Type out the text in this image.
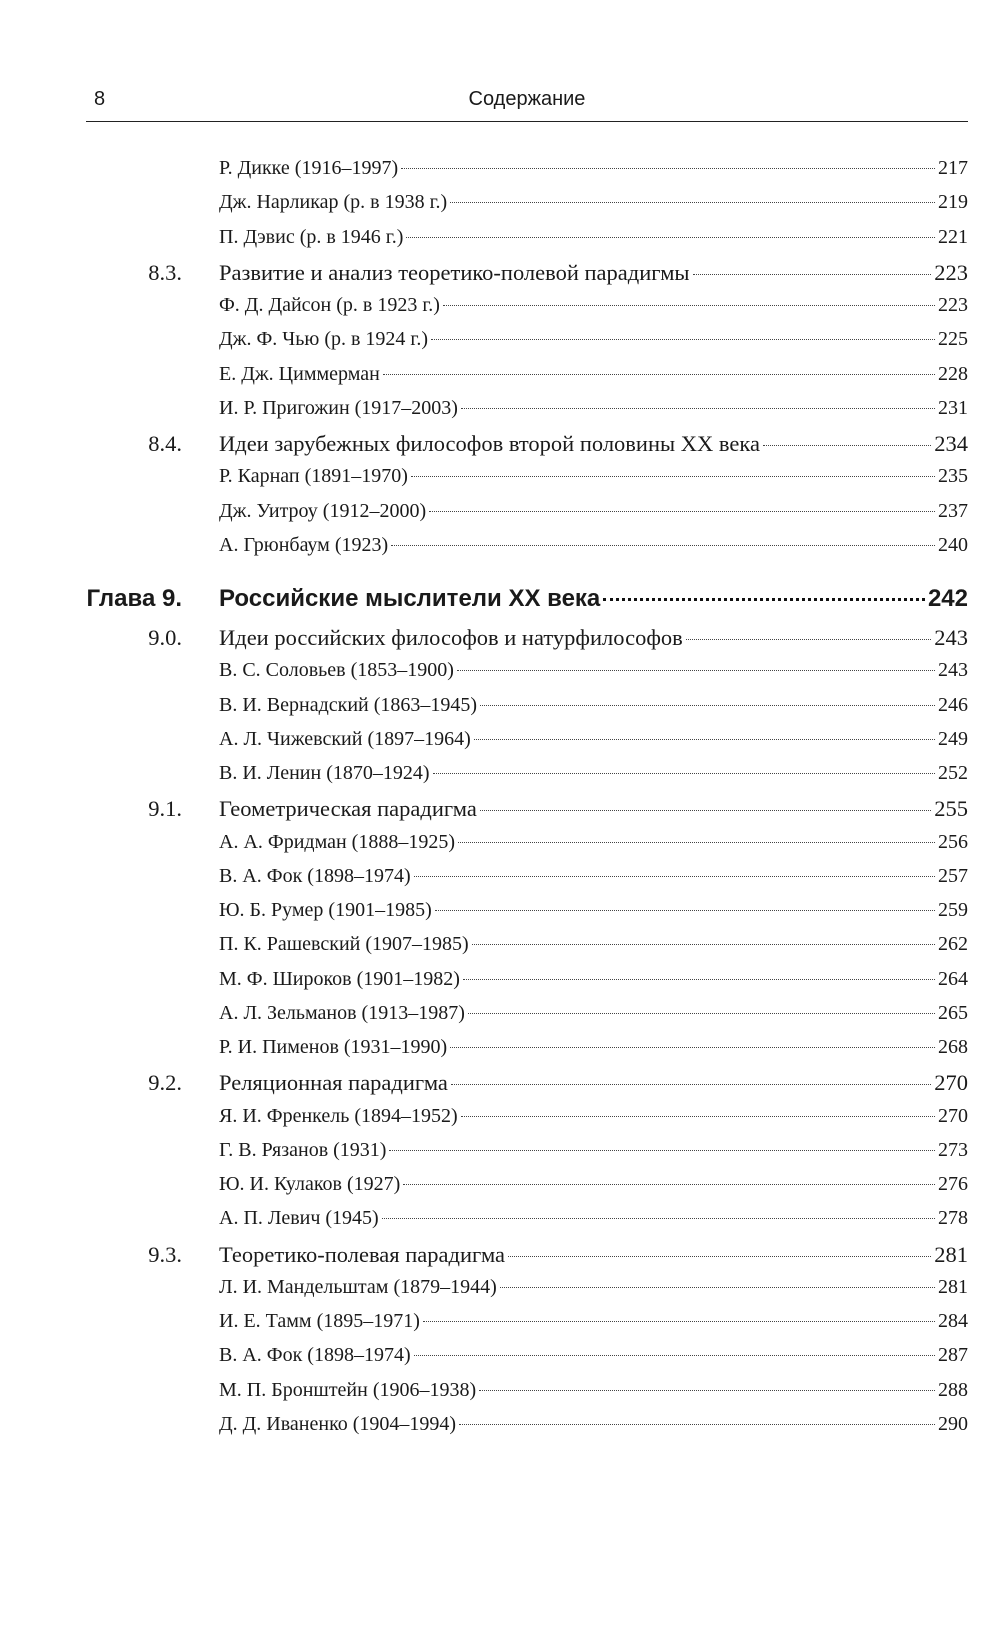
8	Содержание
Р. Дикке (1916–1997)	217
Дж. Нарликар (р. в 1938 г.)	219
П. Дэвис (р. в 1946 г.)	221
8.3. Развитие и анализ теоретико-полевой парадигмы	223
Ф. Д. Дайсон (р. в 1923 г.)	223
Дж. Ф. Чью (р. в 1924 г.)	225
Е. Дж. Циммерман	228
И. Р. Пригожин (1917–2003)	231
8.4. Идеи зарубежных философов второй половины XX века	234
Р. Карнап (1891–1970)	235
Дж. Уитроу (1912–2000)	237
А. Грюнбаум (1923)	240
Глава 9. Российские мыслители XX века	242
9.0. Идеи российских философов и натурфилософов	243
В. С. Соловьев (1853–1900)	243
В. И. Вернадский (1863–1945)	246
А. Л. Чижевский (1897–1964)	249
В. И. Ленин (1870–1924)	252
9.1. Геометрическая парадигма	255
А. А. Фридман (1888–1925)	256
В. А. Фок (1898–1974)	257
Ю. Б. Румер (1901–1985)	259
П. К. Рашевский (1907–1985)	262
М. Ф. Широков (1901–1982)	264
А. Л. Зельманов (1913–1987)	265
Р. И. Пименов (1931–1990)	268
9.2. Реляционная парадигма	270
Я. И. Френкель (1894–1952)	270
Г. В. Рязанов (1931)	273
Ю. И. Кулаков (1927)	276
А. П. Левич (1945)	278
9.3. Теоретико-полевая парадигма	281
Л. И. Мандельштам (1879–1944)	281
И. Е. Тамм (1895–1971)	284
В. А. Фок (1898–1974)	287
М. П. Бронштейн (1906–1938)	288
Д. Д. Иваненко (1904–1994)	290
